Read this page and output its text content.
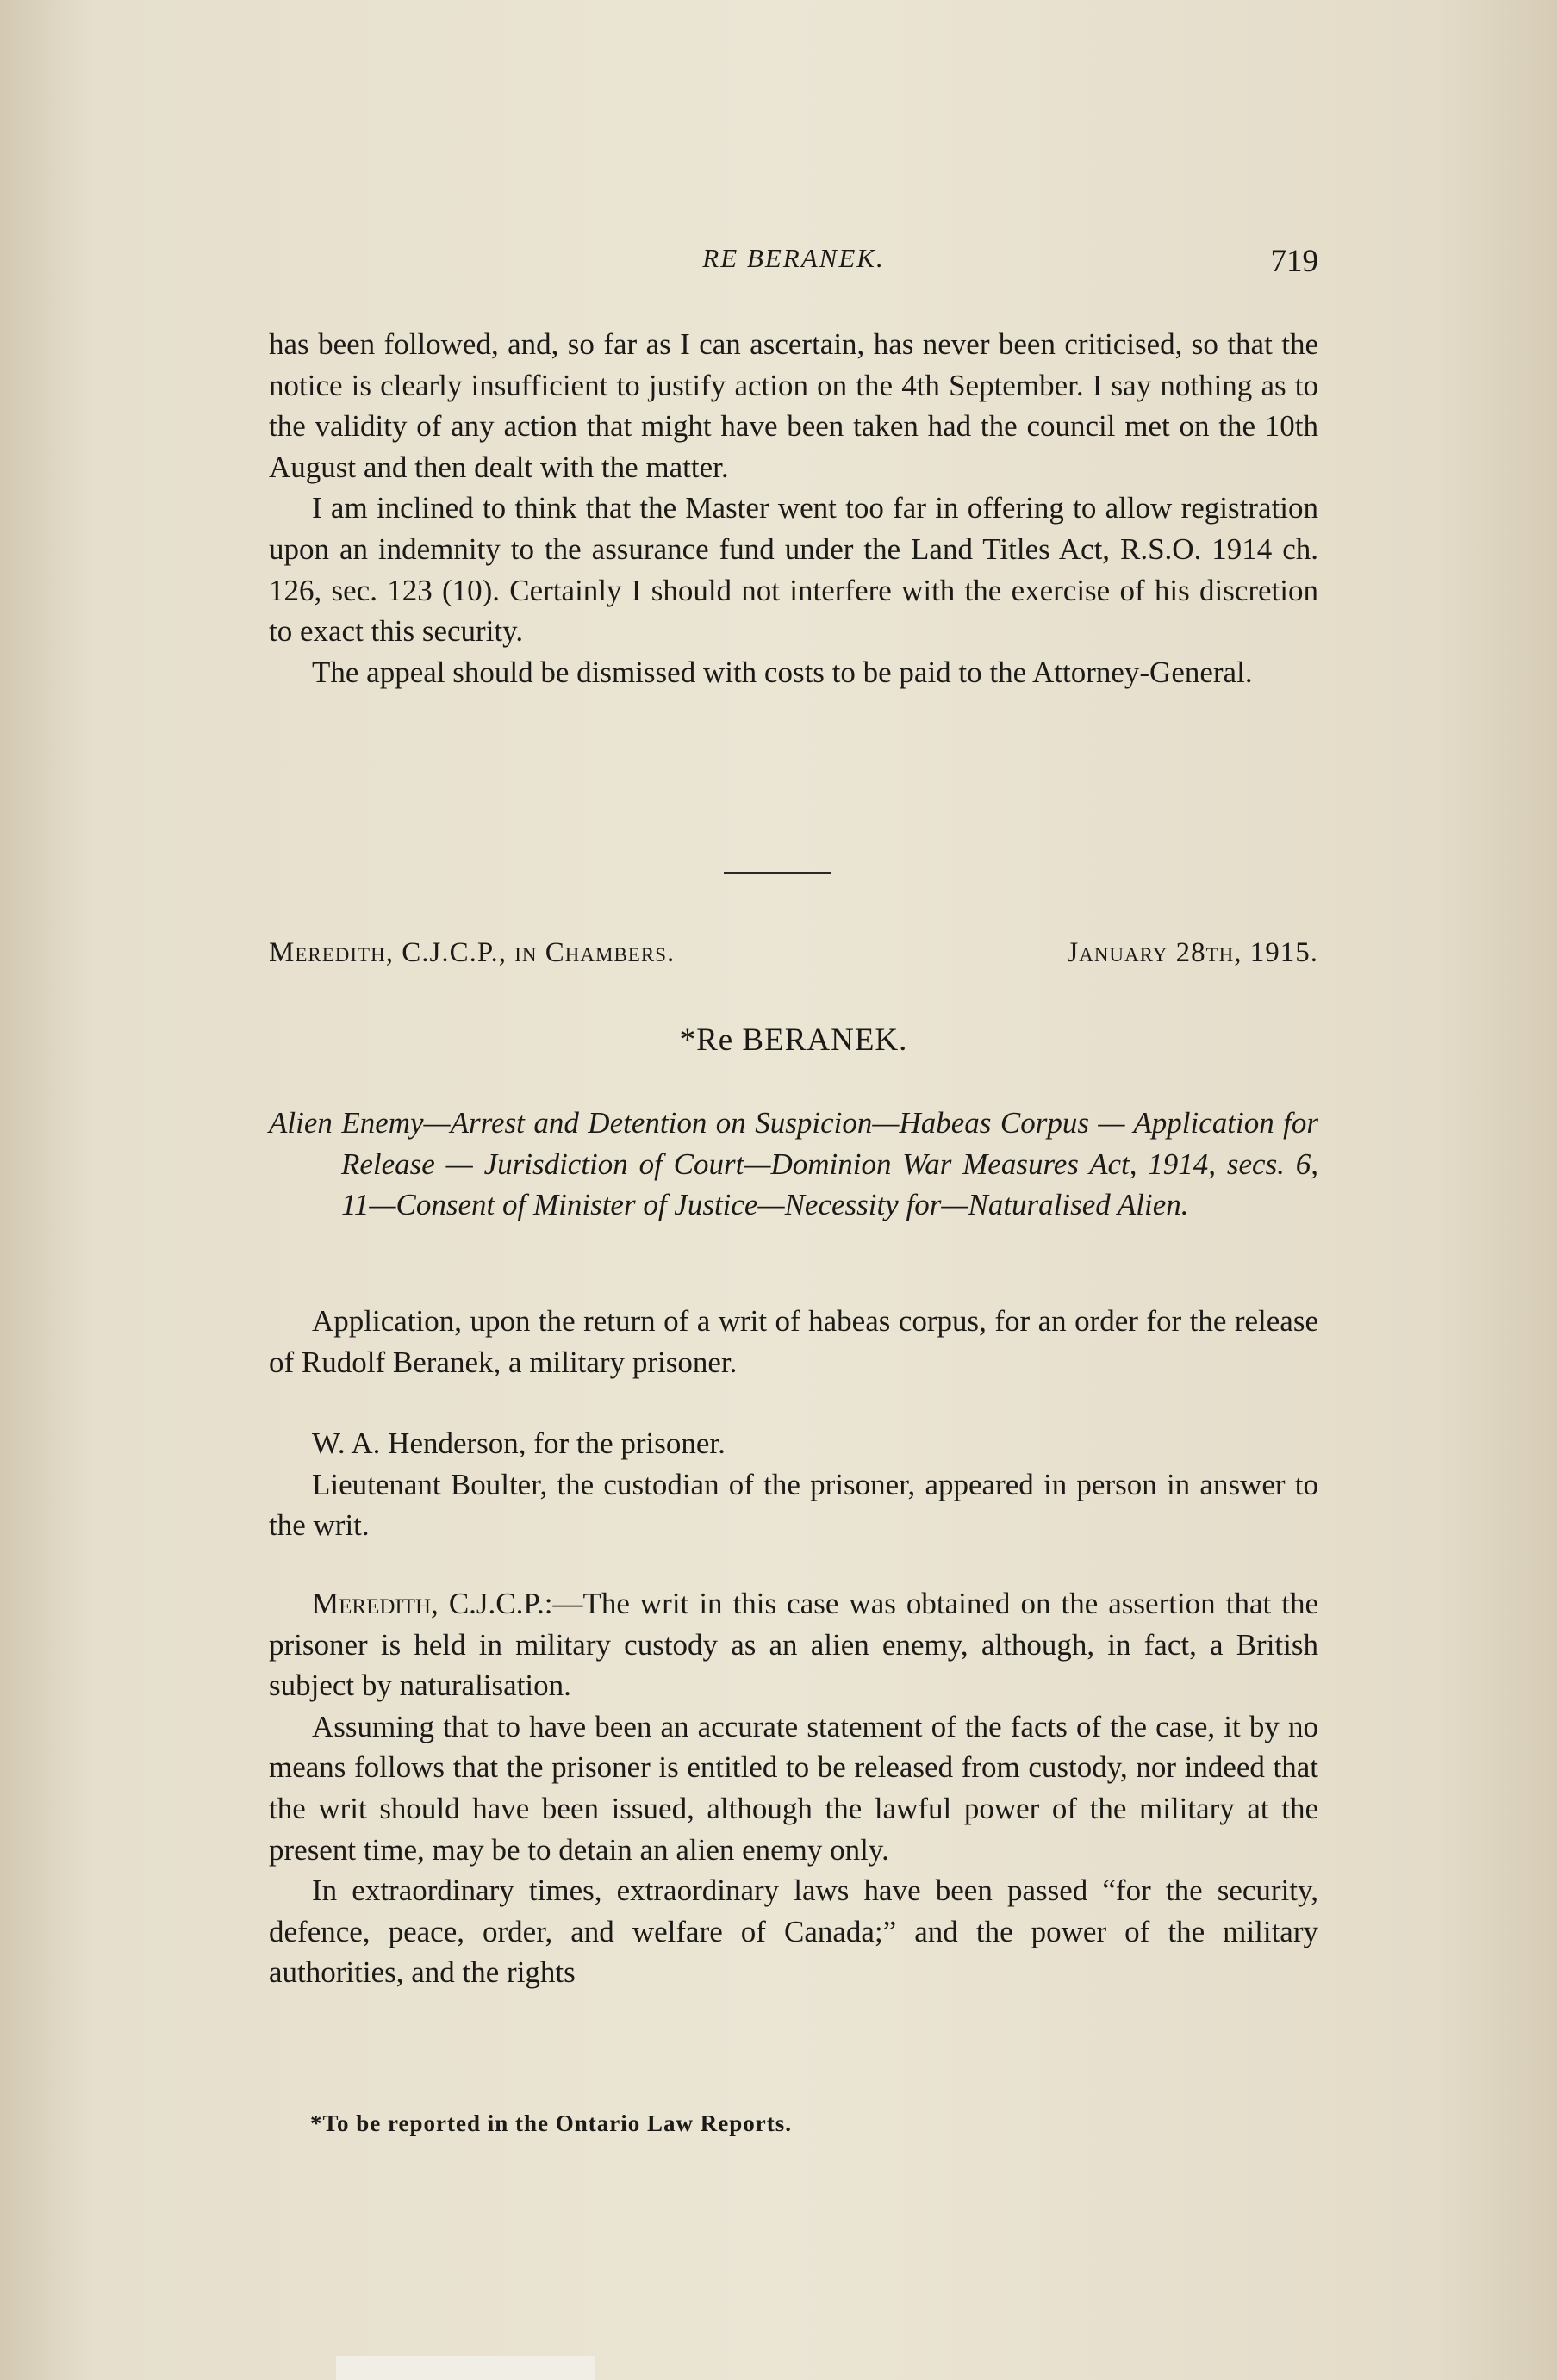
RE BERANEK.	719

has been followed, and, so far as I can ascertain, has never been criticised, so that the notice is clearly insufficient to justify action on the 4th September. I say nothing as to the validity of any action that might have been taken had the council met on the 10th August and then dealt with the matter.

I am inclined to think that the Master went too far in offering to allow registration upon an indemnity to the assurance fund under the Land Titles Act, R.S.O. 1914 ch. 126, sec. 123 (10). Certainly I should not interfere with the exercise of his discretion to exact this security.

The appeal should be dismissed with costs to be paid to the Attorney-General.

Meredith, C.J.C.P., in Chambers.	January 28th, 1915.
*Re BERANEK.

Alien Enemy—Arrest and Detention on Suspicion—Habeas Corpus — Application for Release — Jurisdiction of Court—Dominion War Measures Act, 1914, secs. 6, 11—Consent of Minister of Justice—Necessity for—Naturalised Alien.

Application, upon the return of a writ of habeas corpus, for an order for the release of Rudolf Beranek, a military prisoner.

W. A. Henderson, for the prisoner.

Lieutenant Boulter, the custodian of the prisoner, appeared in person in answer to the writ.

Meredith, C.J.C.P.:—The writ in this case was obtained on the assertion that the prisoner is held in military custody as an alien enemy, although, in fact, a British subject by naturalisation.

Assuming that to have been an accurate statement of the facts of the case, it by no means follows that the prisoner is entitled to be released from custody, nor indeed that the writ should have been issued, although the lawful power of the military at the present time, may be to detain an alien enemy only.

In extraordinary times, extraordinary laws have been passed “for the security, defence, peace, order, and welfare of Canada;” and the power of the military authorities, and the rights

*To be reported in the Ontario Law Reports.
